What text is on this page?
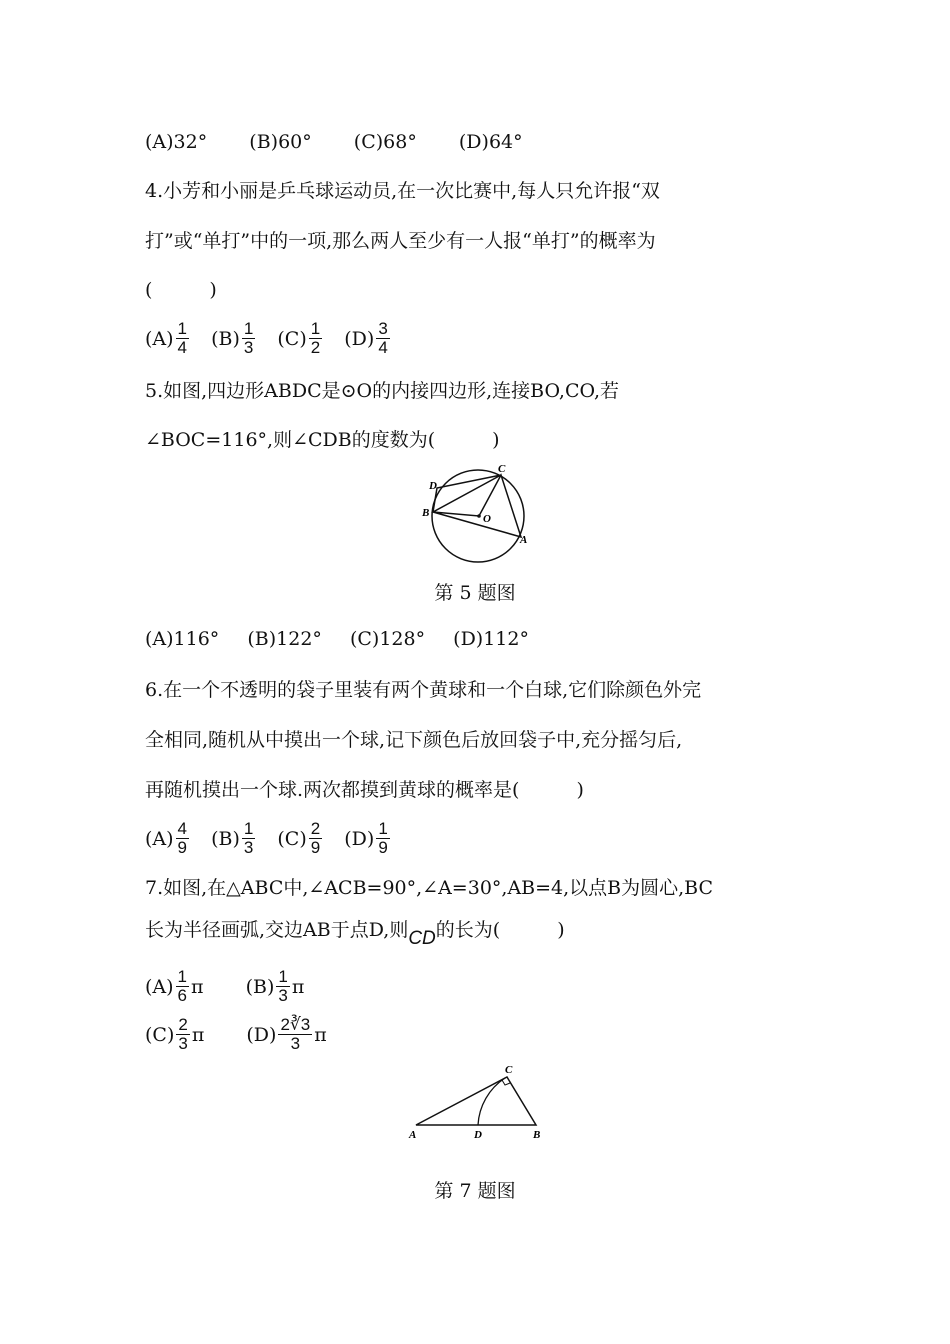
(A)32° (B)60° (C)68° (D)64°
4.小芳和小丽是乒乓球运动员,在一次比赛中,每人只允许报“双
打”或“单打”中的一项,那么两人至少有一人报“单打”的概率为
(　　　)
$(A) \frac{1}{4}$
$(B) \frac{1}{3}$
$(C) \frac{1}{2}$
$(D) \frac{3}{4}$
5.如图,四边形ABDC是⊙O的内接四边形,连接BO,CO,若
∠BOC=116°,则∠CDB的度数为(　　　)
C
D
B	O
A
第 5 题图
(A)116° (B)122° (C)128° (D)112°
6.在一个不透明的袋子里装有两个黄球和一个白球,它们除颜色外完
全相同,随机从中摸出一个球,记下颜色后放回袋子中,充分摇匀后,
再随机摸出一个球.两次都摸到黄球的概率是(　　　)
$(A) \frac{4}{9}$
$(B) \frac{1}{3}$
$(C) \frac{2}{9}$
$(D) \frac{1}{9}$
7.如图,在△ABC中,∠ACB=90°,∠A=30°,AB=4,以点B为圆心,BC
长为半径画弧,交边AB于点D,则CD的长为(　　　)
$(A) \frac{1}{6}$ π
$(B) \frac{1}{3}$ π
$(C) \frac{2}{3}$ π
$(D) \frac{2∛3}{3}$ π
C
A	D	B
第 7 题图
